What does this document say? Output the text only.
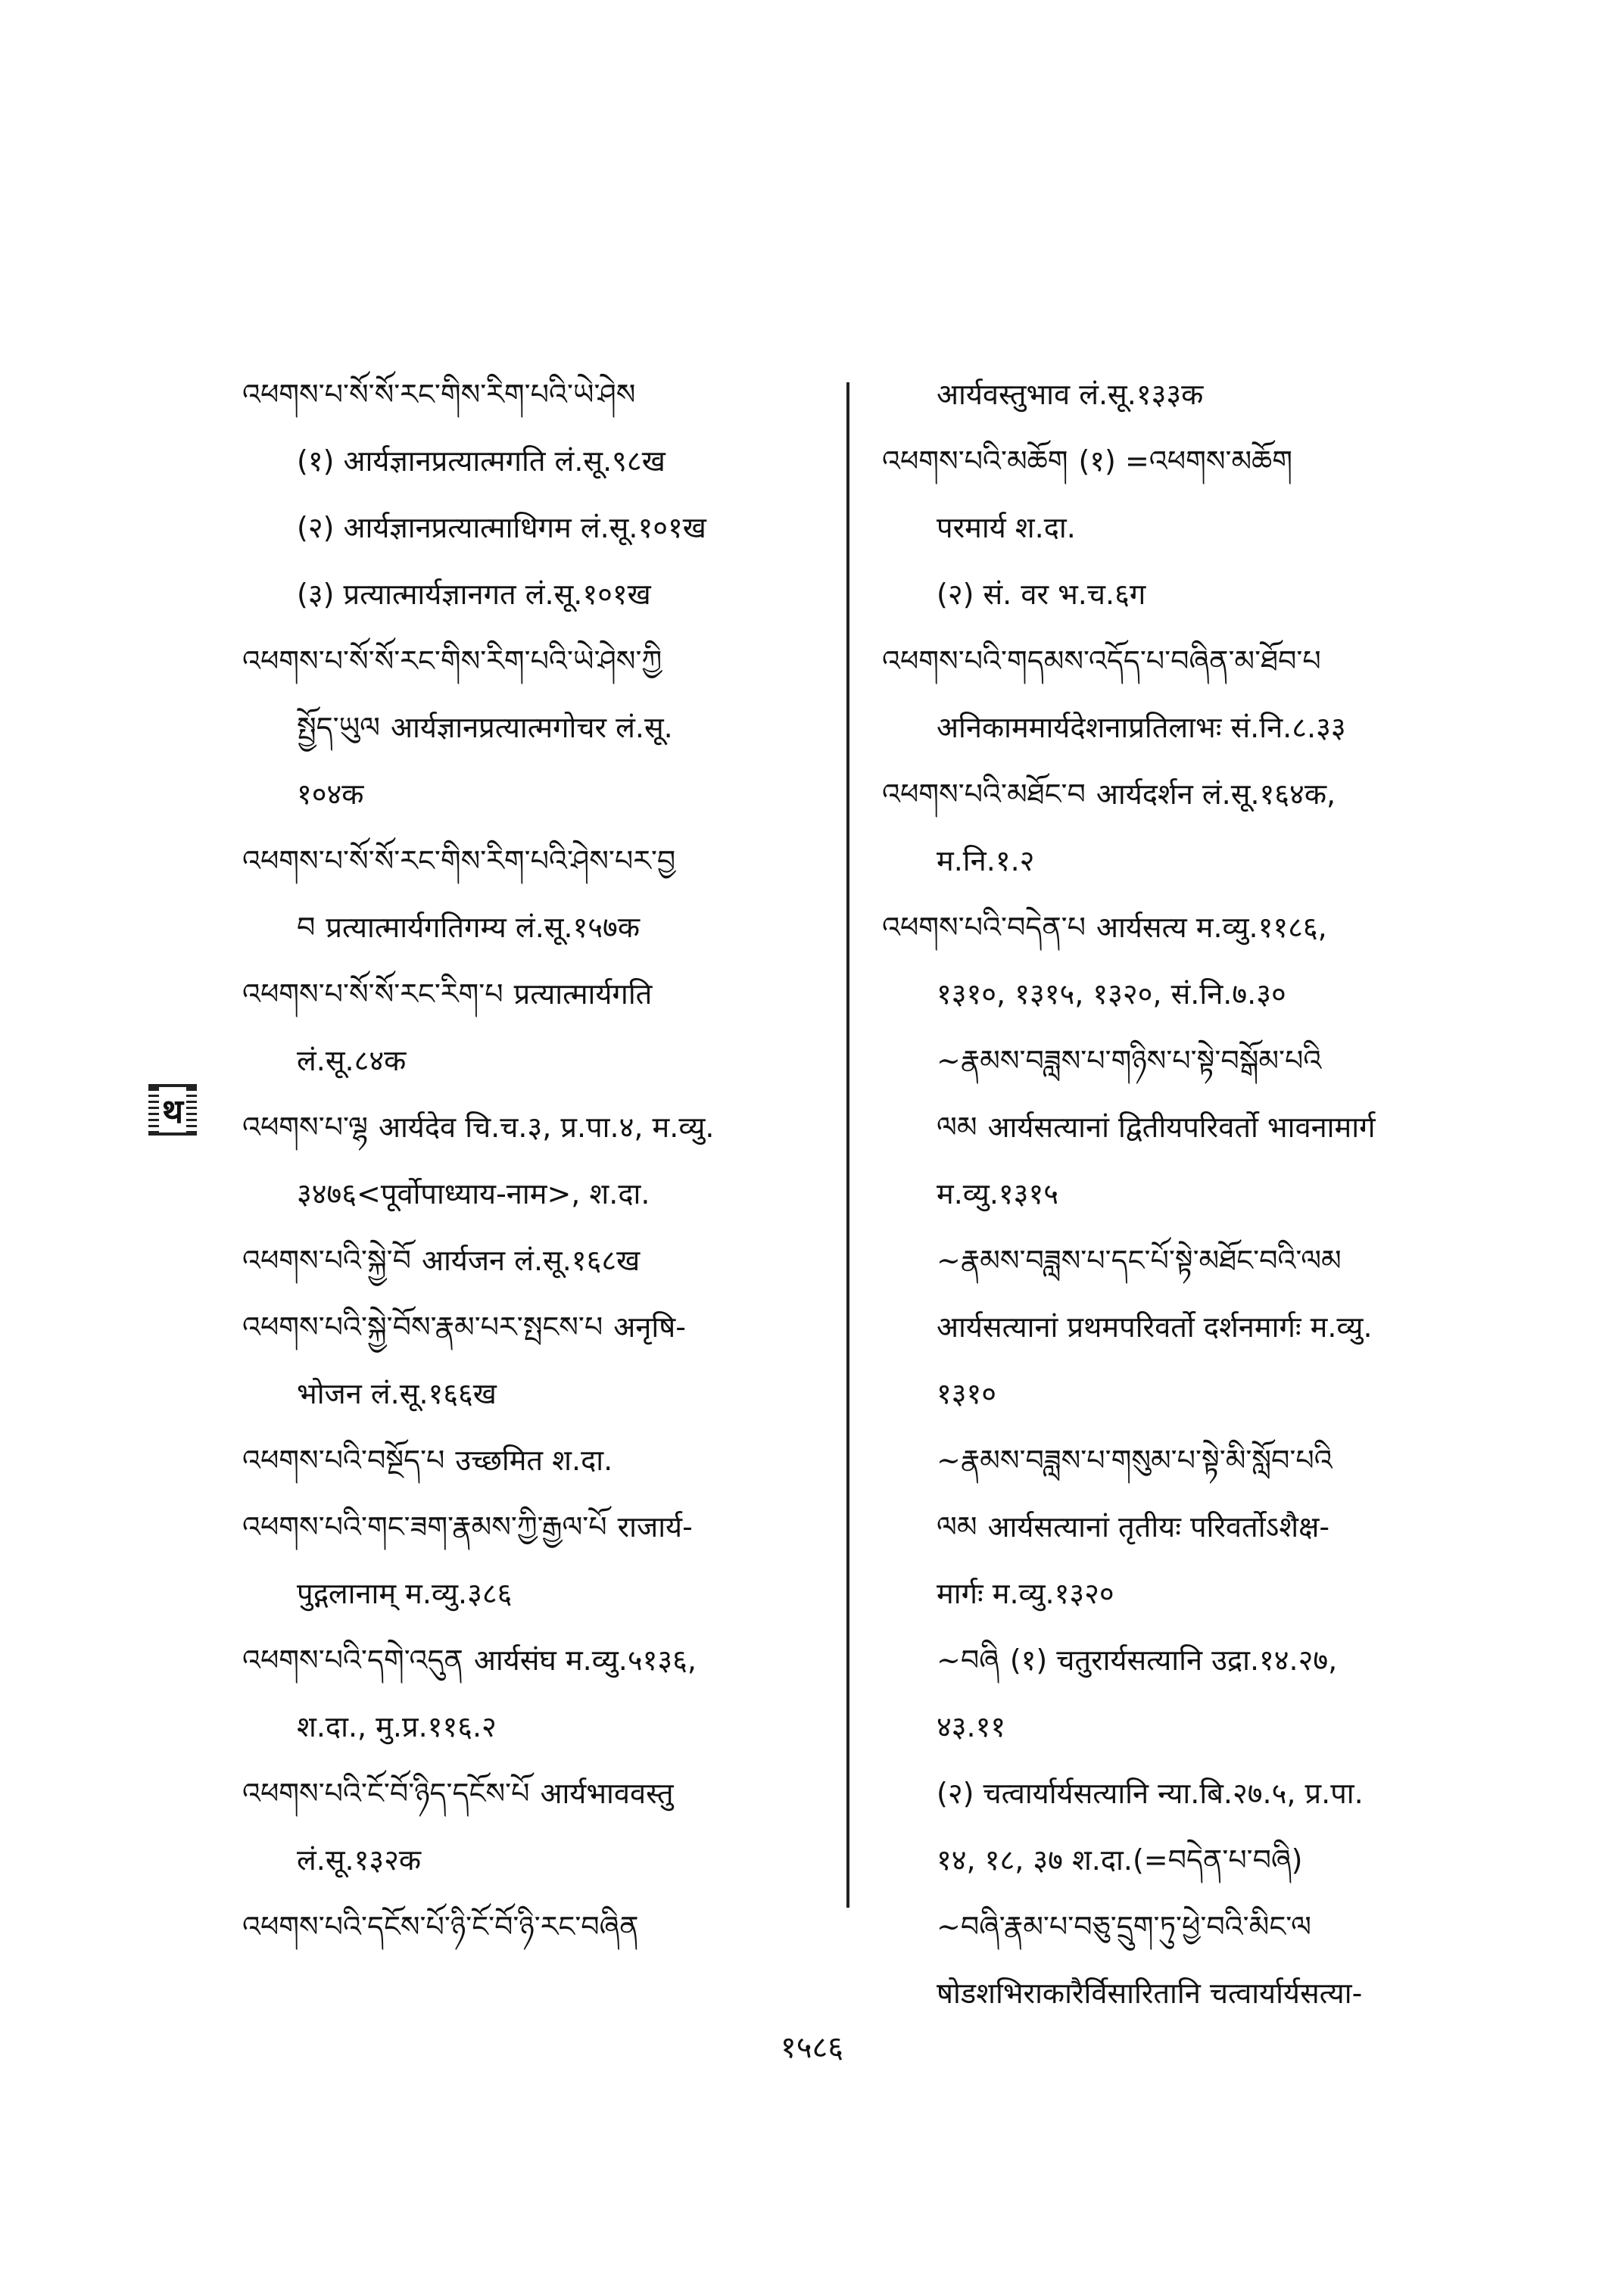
འཕགས་པ་སོ་སོ་རང་གིས་རིག་པའི་ཡེ་ཤེས
(१) आर्यज्ञानप्रत्यात्मगति लं.सू.९८ख
(२) आर्यज्ञानप्रत्यात्माधिगम लं.सू.१०१ख
(३) प्रत्यात्मार्यज्ञानगत लं.सू.१०१ख
འཕགས་པ་སོ་སོ་རང་གིས་རིག་པའི་ཡེ་ཤེས་ཀྱི
སྤྱོད་ཡུལ आर्यज्ञानप्रत्यात्मगोचर लं.सू.
१०४क
འཕགས་པ་སོ་སོ་རང་གིས་རིག་པའི་ཤེས་པར་བྱ
བ प्रत्यात्मार्यगतिगम्य लं.सू.१५७क
འཕགས་པ་སོ་སོ་རང་རིག་པ प्रत्यात्मार्यगति
लं.सू.८४क
འཕགས་པ་ལྷ आर्यदेव चि.च.३, प्र.पा.४, म.व्यु.
३४७६<पूर्वोपाध्याय-नाम>, श.दा.
འཕགས་པའི་སྐྱེ་བོ आर्यजन लं.सू.१६८ख
འཕགས་པའི་སྐྱེ་བོས་རྣམ་པར་སྤངས་པ अनृषि-
भोजन लं.सू.१६६ख
འཕགས་པའི་བསྔོད་པ उच्छमित श.दा.
འཕགས་པའི་གང་ཟག་རྣམས་ཀྱི་རྒྱལ་པོ राजार्य-
पुद्गलानाम् म.व्यु.३८६
འཕགས་པའི་དགེ་འདུན आर्यसंघ म.व्यु.५१३६,
श.दा., मु.प्र.११६.२
འཕགས་པའི་ངོ་བོ་ཉིད་དངོས་པོ आर्यभाववस्तु
लं.सू.१३२क
འཕགས་པའི་དངོས་པོ་ཉི་ངོ་བོ་ཉི་རང་བཞིན
आर्यवस्तुभाव लं.सू.१३३क
འཕགས་པའི་མཆོག (१) =འཕགས་མཆོག
परमार्य श.दा.
(२) सं. वर भ.च.६ग
འཕགས་པའི་གདམས་འདོད་པ་བཞིན་མ་ཐོབ་པ
अनिकाममार्यदेशनाप्रतिलाभः सं.नि.८.३३
འཕགས་པའི་མཐོང་བ आर्यदर्शन लं.सू.१६४क,
म.नि.१.२
འཕགས་པའི་བདེན་པ आर्यसत्य म.व्यु.११८६,
१३१०, १३१५, १३२०, सं.नि.७.३०
~རྣམས་བཟླས་པ་གཉིས་པ་སྟེ་བསྒོམ་པའི
ལམ आर्यसत्यानां द्वितीयपरिवर्तो भावनामार्ग
म.व्यु.१३१५
~རྣམས་བཟླས་པ་དང་པོ་སྟེ་མཐོང་བའི་ལམ
आर्यसत्यानां प्रथमपरिवर्तो दर्शनमार्गः म.व्यु.
१३१०
~རྣམས་བཟླས་པ་གསུམ་པ་སྟེ་མི་སློབ་པའི
ལམ आर्यसत्यानां तृतीयः परिवर्तोऽशैक्ष-
मार्गः म.व्यु.१३२०
~བཞི (१) चतुरार्यसत्यानि उद्रा.१४.२७,
४३.११
(२) चत्वार्यार्यसत्यानि न्या.बि.२७.५, प्र.पा.
१४, १८, ३७ श.दा.(=བདེན་པ་བཞི)
~བཞི་རྣམ་པ་བཅུ་དྲུག་ཏུ་ཕྱེ་བའི་མིང་ལ
षोडशभिराकारैर्विसारितानि चत्वार्यार्यसत्या-
थ
१५८६
